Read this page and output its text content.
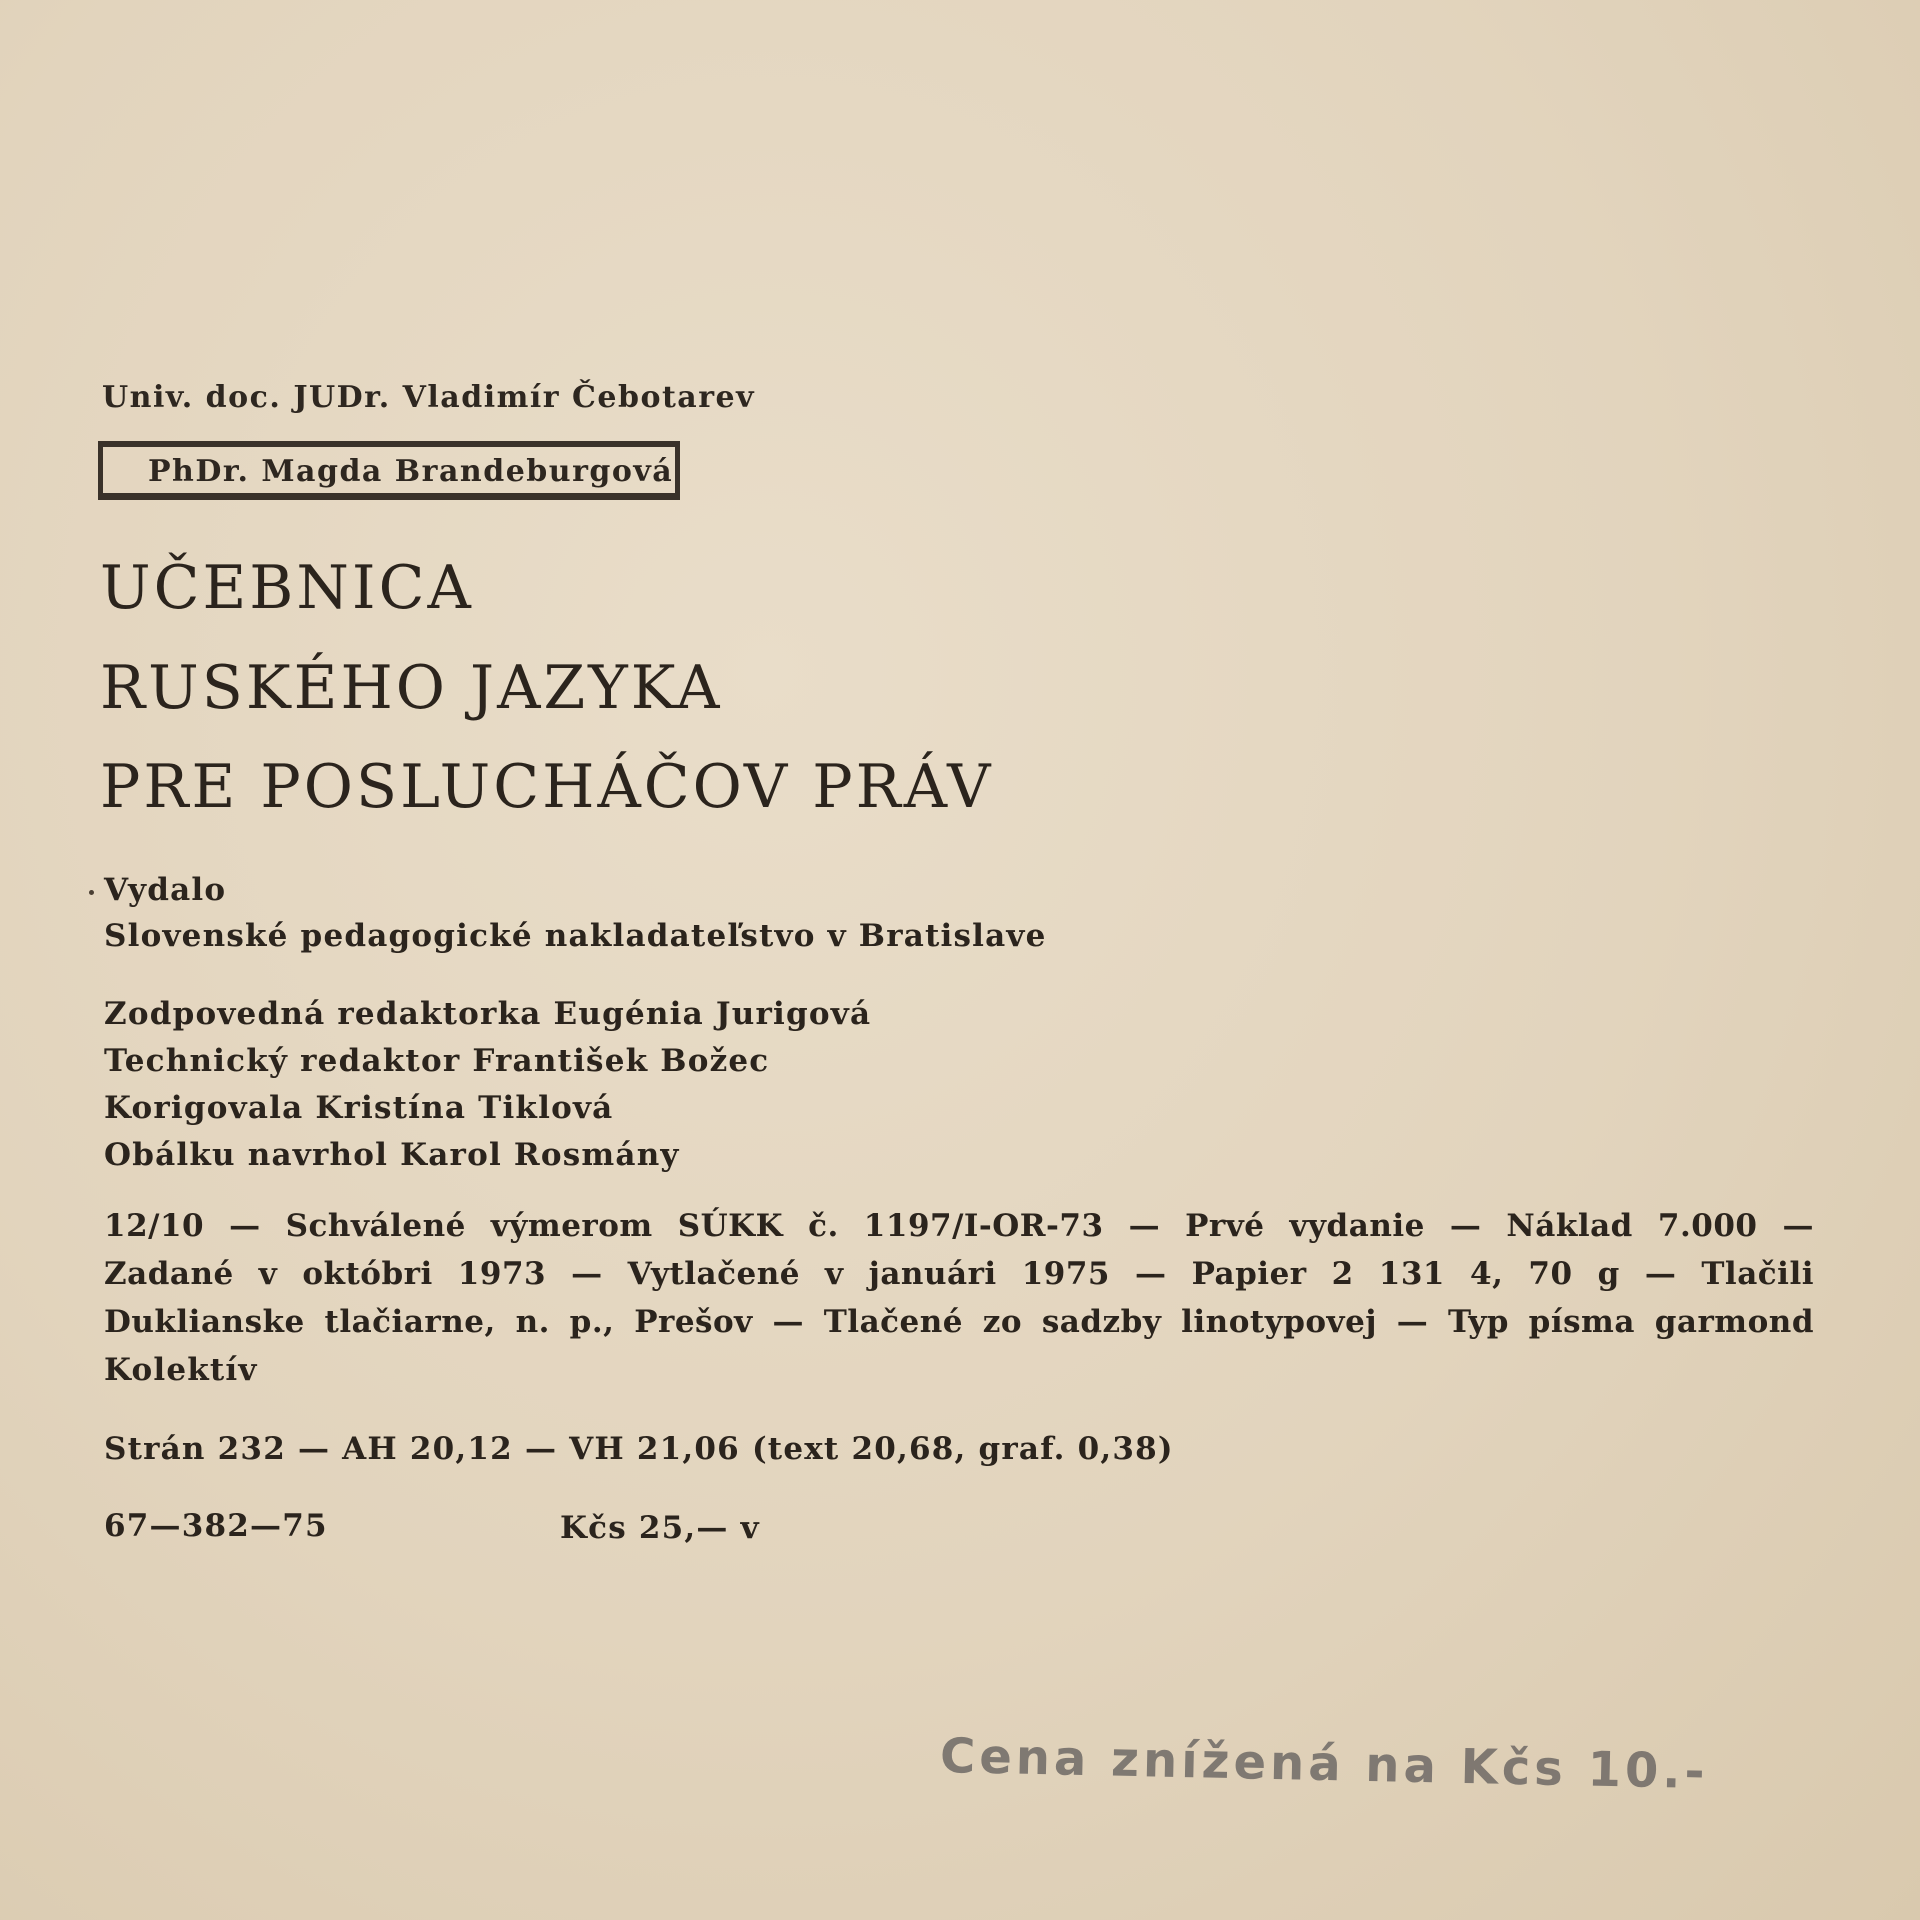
Univ. doc. JUDr. Vladimír Čebotarev

PhDr. Magda Brandeburgová

UČEBNICA
RUSKÉHO JAZYKA
PRE POSLUCHÁČOV PRÁV

Vydalo

Slovenské pedagogické nakladateľstvo v Bratislave

Zodpovedná redaktorka Eugénia Jurigová

Technický redaktor František Božec

Korigovala Kristína Tiklová

Obálku navrhol Karol Rosmány

12/10 — Schválené výmerom SÚKK č. 1197/I-OR-73 — Prvé vydanie — Náklad 7.000 —

Zadané v októbri 1973 — Vytlačené v januári 1975 — Papier 2 131 4, 70 g — Tlačili

Duklianske tlačiarne, n. p., Prešov — Tlačené zo sadzby linotypovej — Typ písma garmond

Kolektív

Strán 232 — AH 20,12 — VH 21,06 (text 20,68, graf. 0,38)

67—382—75	Kčs 25,— v

Cena znížená na Kčs 10.-
